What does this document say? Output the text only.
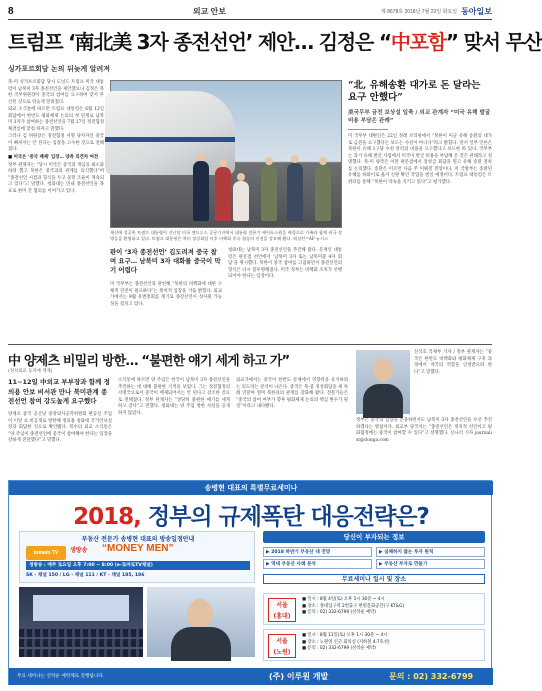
8	외교 안보	제 8678호 2018년 7월 23일 화요일 동아일보
트럼프 ‘南北美 3자 종전선언’ 제안… 김정은 “中포함” 맞서 무산
싱가포르회담 논의 뒤늦게 알려져

북-미 싱가포르회담 당시 도널드 트럼프 미국 대통령이 남북미 3자 종전선언을 제안했으나 김정은 북한 국무위원장이 중국의 참여를 요구하며 맞서 무산된 것으로 뒤늦게 알려졌다.

외교 소식통에 따르면 트럼프 대통령은 6월 12일 회담에서 한반도 평화체제 논의의 첫 단계로 남북미 3자가 참여하는 종전선언을 7월 27일 정전협정 체결일에 맞춰 하자고 말했다.

그러나 김 위원장은 정전협정 서명 당사자인 중국이 빠져서는 안 된다는 입장을 고수한 것으로 전해졌다.

■ 미국은 ‘중국 배제’ 입장… 양측 의견차 여전

정부 관계자는 “당시 미국은 중국의 개입을 최소화하려 했고 북한은 중국과의 관계를 의식했다”며 “종전선언 시점과 형식을 두고 물밑 조율이 계속되고 있다”고 말했다. 청와대는 연내 종전선언을 목표로 한미 간 협의를 이어가고 있다.

재선에 성공한 트럼프 대통령이 지난달 미국 앤드루스 공군기지에서 대통령 전용기 에어포스원을 배경으로 가족과 함께 귀국 장병들을 환영하고 있다. 트럼프 대통령은 북미 정상회담 이후 비핵화 후속 협상의 진전을 강조해 왔다. 워싱턴=AP 뉴시스
“北, 유해송환 대가로 돈 달라는 요구 안했다”
美국무부 금전 보상설 일축 / 외교 관계자 “미국 유해 발굴 비용 부담은 관례”
미 국무부 대변인은 22일 정례 브리핑에서 “북한이 미군 유해 송환의 대가로 금전을 요구했다는 보도는 사실이 아니다”라고 밝혔다. 앞서 일부 언론은 북한이 유해 1구당 수천 달러의 비용을 요구했다고 보도한 바 있다. 국무부는 과거 유해 발굴 사업에서 미국이 발굴 비용을 부담해 온 것은 관례라고 설명했다. 북-미 양측은 이달 판문점에서 장성급 회담을 열고 유해 송환 절차를 논의했다. 송환은 이르면 다음 주 이뤄질 전망이다. 미 국방부는 송환된 유해를 하와이로 옮겨 신원 확인 작업을 벌일 예정이다. 트럼프 대통령은 트위터를 통해 “북한이 약속을 지키고 있다”고 평가했다.
판이 ‘3자 종전선언’ 김도려져 중국 참여 요구… 남북미 3자 대화를 중국이 막기 어렵다
청와대는 남북미 3자 종전선언을 추진해 왔다. 문재인 대통령은 판문점 선언에서 ‘남북미 3자 또는 남북미중 4자 회담’을 명시했다. 북한이 중국 참여를 고집하면서 종전선언의 형식은 다시 불투명해졌다. 미국 정부는 비핵화 조치가 선행되어야 한다는 입장이다.
미 국무부는 종전선언과 관련해 “북한의 비핵화에 대한 구체적 진전이 필요하다”는 원칙적 입장을 거듭 밝혔다. 외교가에서는 9월 유엔총회를 계기로 종전선언이 성사될 가능성을 점치고 있다.
中 양제츠 비밀리 방한… “불편한 얘기 세게 하고 가”
(정치외교 등지에 게재)
11~12일 中외교 부부장과 함께 정의용 안보 비서관 만나 북미관계 종전선언 참여 강도높게 요구했다
양제츠 중국 공산당 중앙외사공작위원회 판공실 주임이 이달 초 비공개로 방한해 정의용 청와대 국가안보실장과 회담한 것으로 확인됐다. 복수의 외교 소식통은 “양 주임이 종전선언에 중국이 참여해야 한다는 입장을 강하게 전달했다”고 말했다.
소식통에 따르면 양 주임은 한국이 남북미 3자 종전선언을 추진하는 데 대해 불편한 기색을 보였다. 그는 정전협정의 서명국으로서 중국이 배제되어서는 안 된다고 강조한 것으로 전해졌다. 정부 관계자는 “상당히 불편한 얘기를 세게 하고 갔다”고 전했다. 청와대는 양 주임 방한 사실을 공개하지 않았다.
외교가에서는 중국이 한반도 문제에서 영향력을 유지하려는 의도라는 분석이 나온다. 중국은 북-중 정상회담을 세 차례 연달아 열며 북한과의 관계를 강화해 왔다. 전문가들은 “중국의 참여 여부가 향후 평화체제 논의의 핵심 변수가 될 것”이라고 내다봤다.
신석호 국제부 기자 / 정부 관계자는 “중국은 한반도 비핵화와 평화체제 구축 과정에서 자국의 역할을 인정받으려 한다”고 말했다.
정부는 중국의 입장을 존중하면서도 남북미 3자 종전선언을 우선 추진하겠다는 방침이다. 외교부 당국자는 “종전선언은 정치적 선언이고 평화협정에는 중국이 참여할 수 있다”고 설명했다. 신나리 기자 journalist@donga.com
송병현 대표의 특별무료세미나
2018, 정부의 규제폭탄 대응전략은?
부동산 전문가 송병현 대표의 방송일정안내
tomato TV	생방송 “MONEY MEN”
생방송 : 매주 토요일 오후 7:00 ~ 8:00 (e-토마토TV채널)
SK - 채널 150 / LG - 채널 111 / KT - 채널 185, 186
당신이 부자되는 정보
▶ 2018 하반기 부동산 대 전망	▶ 실패하지 않는 투자 원칙
▶ 역대 부동산 사례 분석	▶ 부동산 부자로 만들기
무료세미나 일시 및 장소
서울
(홍대)
■ 일시 : 8월 4일(토) 오후 1시 30분 ~ 4시
■ 장소 : 홍대입구역 2번출구 한빛문화공간(구 KT&G)
■ 문의 : 02) 332-6799 (선착순 예약)
서울
(노원)
■ 일시 : 8월 11일(토) 오후 1시 30분 ~ 4시
■ 장소 : 노원역 인근 회의실 (지하철 4·7호선)
■ 문의 : 02) 332-6799 (선착순 예약)
무료 세미나는 선착순 예약제로 진행됩니다.	(주) 이루원 개발	문의 : 02) 332-6799
